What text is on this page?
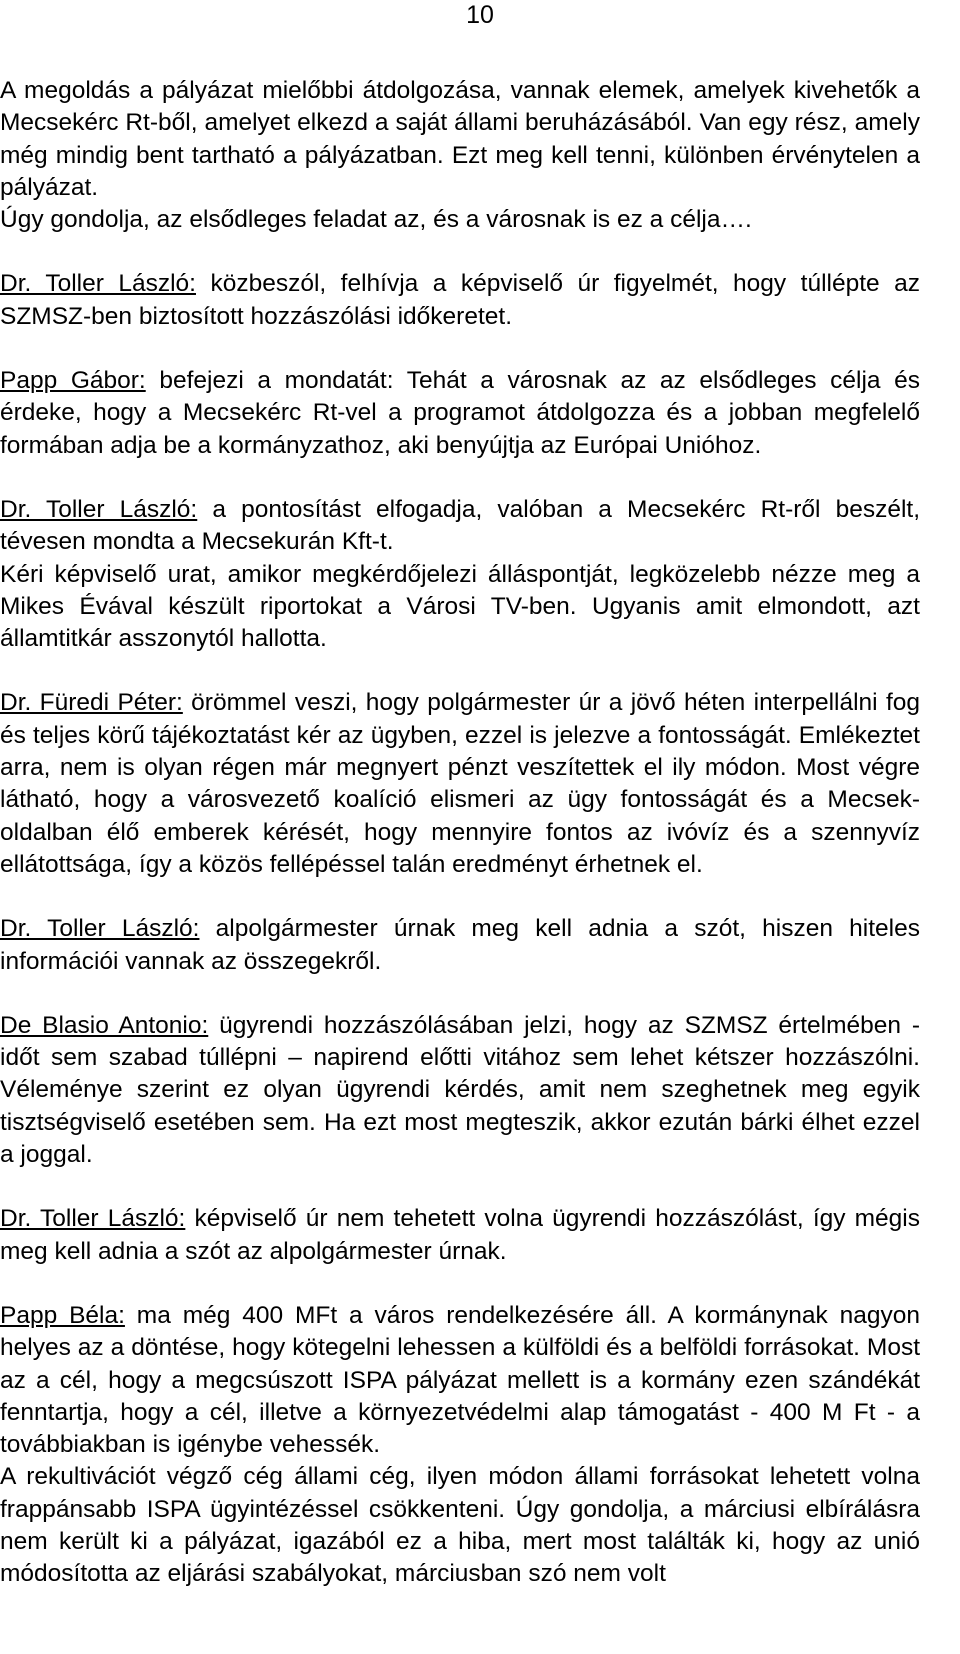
10

A megoldás a pályázat mielőbbi átdolgozása, vannak elemek, amelyek kivehetők a Mecsekérc Rt-ből, amelyet elkezd a saját állami beruházásából. Van egy rész, amely még mindig bent tartható a pályázatban. Ezt meg kell tenni, különben érvénytelen a pályázat.

Úgy gondolja, az elsődleges feladat az, és a városnak is ez a célja….

Dr. Toller László: közbeszól, felhívja a képviselő úr figyelmét, hogy túllépte az SZMSZ-ben biztosított hozzászólási időkeretet.

Papp Gábor: befejezi a mondatát: Tehát a városnak az az elsődleges célja és érdeke, hogy a Mecsekérc Rt-vel a programot átdolgozza és a jobban megfelelő formában adja be a kormányzathoz, aki benyújtja az Európai Unióhoz.

Dr. Toller László: a pontosítást elfogadja, valóban a Mecsekérc Rt-ről beszélt, tévesen mondta a Mecsekurán Kft-t.

Kéri képviselő urat, amikor megkérdőjelezi álláspontját, legközelebb nézze meg a Mikes Évával készült riportokat a Városi TV-ben. Ugyanis amit elmondott, azt államtitkár asszonytól hallotta.

Dr. Füredi Péter: örömmel veszi, hogy polgármester úr a jövő héten interpellálni fog és teljes körű tájékoztatást kér az ügyben, ezzel is jelezve a fontosságát. Emlékeztet arra, nem is olyan régen már megnyert pénzt veszítettek el ily módon. Most végre látható, hogy a városvezető koalíció elismeri az ügy fontosságát és a Mecsek-oldalban élő emberek kérését, hogy mennyire fontos az ivóvíz és a szennyvíz ellátottsága, így a közös fellépéssel talán eredményt érhetnek el.

Dr. Toller László: alpolgármester úrnak meg kell adnia a szót, hiszen hiteles információi vannak az összegekről.

De Blasio Antonio: ügyrendi hozzászólásában jelzi, hogy az SZMSZ értelmében - időt sem szabad túllépni – napirend előtti vitához sem lehet kétszer hozzászólni. Véleménye szerint ez olyan ügyrendi kérdés, amit nem szeghetnek meg egyik tisztségviselő esetében sem. Ha ezt most megteszik, akkor ezután bárki élhet ezzel a joggal.

Dr. Toller László: képviselő úr nem tehetett volna ügyrendi hozzászólást, így mégis meg kell adnia a szót az alpolgármester úrnak.

Papp Béla: ma még 400 MFt a város rendelkezésére áll. A kormánynak nagyon helyes az a döntése, hogy kötegelni lehessen a külföldi és a belföldi forrásokat. Most az a cél, hogy a megcsúszott ISPA pályázat mellett is a kormány ezen szándékát fenntartja, hogy a cél, illetve a környezetvédelmi alap támogatást - 400 M Ft - a továbbiakban is igénybe vehessék.

A rekultivációt végző cég állami cég, ilyen módon állami forrásokat lehetett volna frappánsabb ISPA ügyintézéssel csökkenteni. Úgy gondolja, a márciusi elbírálásra nem került ki a pályázat, igazából ez a hiba, mert most találták ki, hogy az unió módosította az eljárási szabályokat, márciusban szó nem volt
